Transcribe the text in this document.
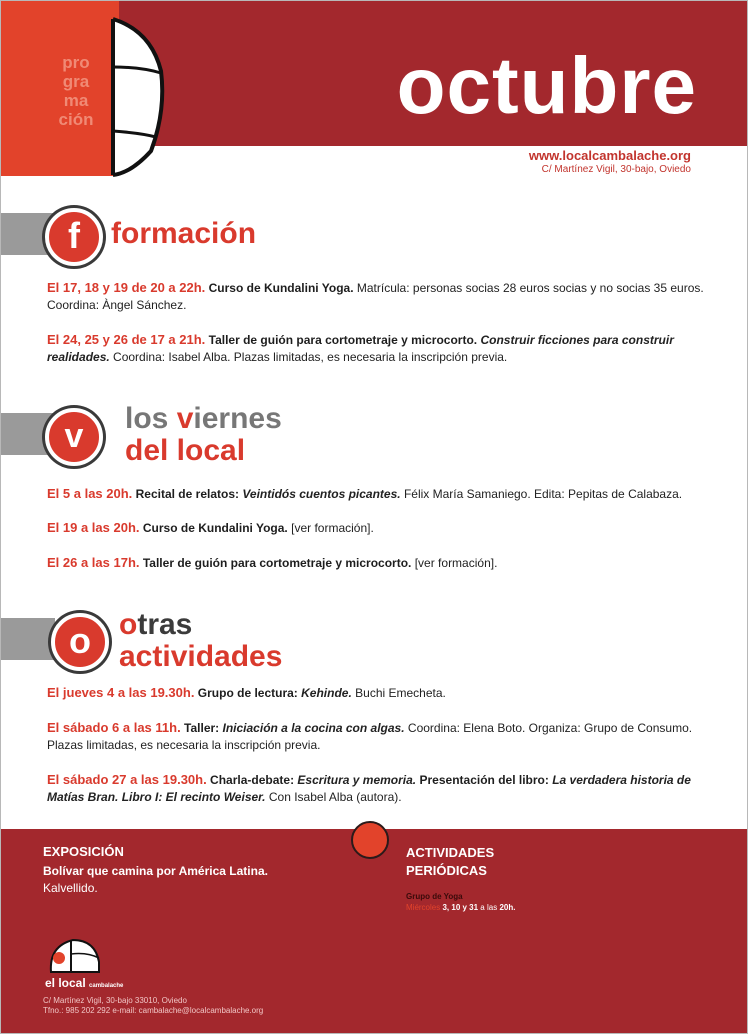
pro
gra
ma
ción	octubre
www.localcambalache.org
C/ Martínez Vigil, 30-bajo, Oviedo
f	formación
El 17, 18 y 19 de 20 a 22h. Curso de Kundalini Yoga. Matrícula: personas socias 28 euros socias y no socias 35 euros. Coordina: Àngel Sánchez.
El 24, 25 y 26 de 17 a 21h. Taller de guión para cortometraje y microcorto. Construir ficciones para construir realidades. Coordina: Isabel Alba. Plazas limitadas, es necesaria la inscripción previa.
v	los viernes
del local
El 5 a las 20h. Recital de relatos: Veintidós cuentos picantes. Félix María Samaniego. Edita: Pepitas de Calabaza.
El 19 a las 20h. Curso de Kundalini Yoga. [ver formación].
El 26 a las 17h. Taller de guión para cortometraje y microcorto. [ver formación].
o otras
actividades
El jueves 4 a las 19.30h. Grupo de lectura: Kehinde. Buchi Emecheta.
El sábado 6 a las 11h. Taller: Iniciación a la cocina con algas. Coordina: Elena Boto. Organiza: Grupo de Consumo. Plazas limitadas, es necesaria la inscripción previa.
El sábado 27 a las 19.30h. Charla-debate: Escritura y memoria. Presentación del libro: La verdadera historia de Matías Bran. Libro I: El recinto Weiser. Con Isabel Alba (autora).
EXPOSICIÓN
Bolívar que camina por América Latina. Kalvellido.
ACTIVIDADES
PERIÓDICAS
Grupo de Yoga
Miércoles 3, 10 y 31 a las 20h.
el local cambalache
C/ Martínez Vigil, 30-bajo 33010, Oviedo
Tfno.: 985 202 292 e-mail: cambalache@localcambalache.org
